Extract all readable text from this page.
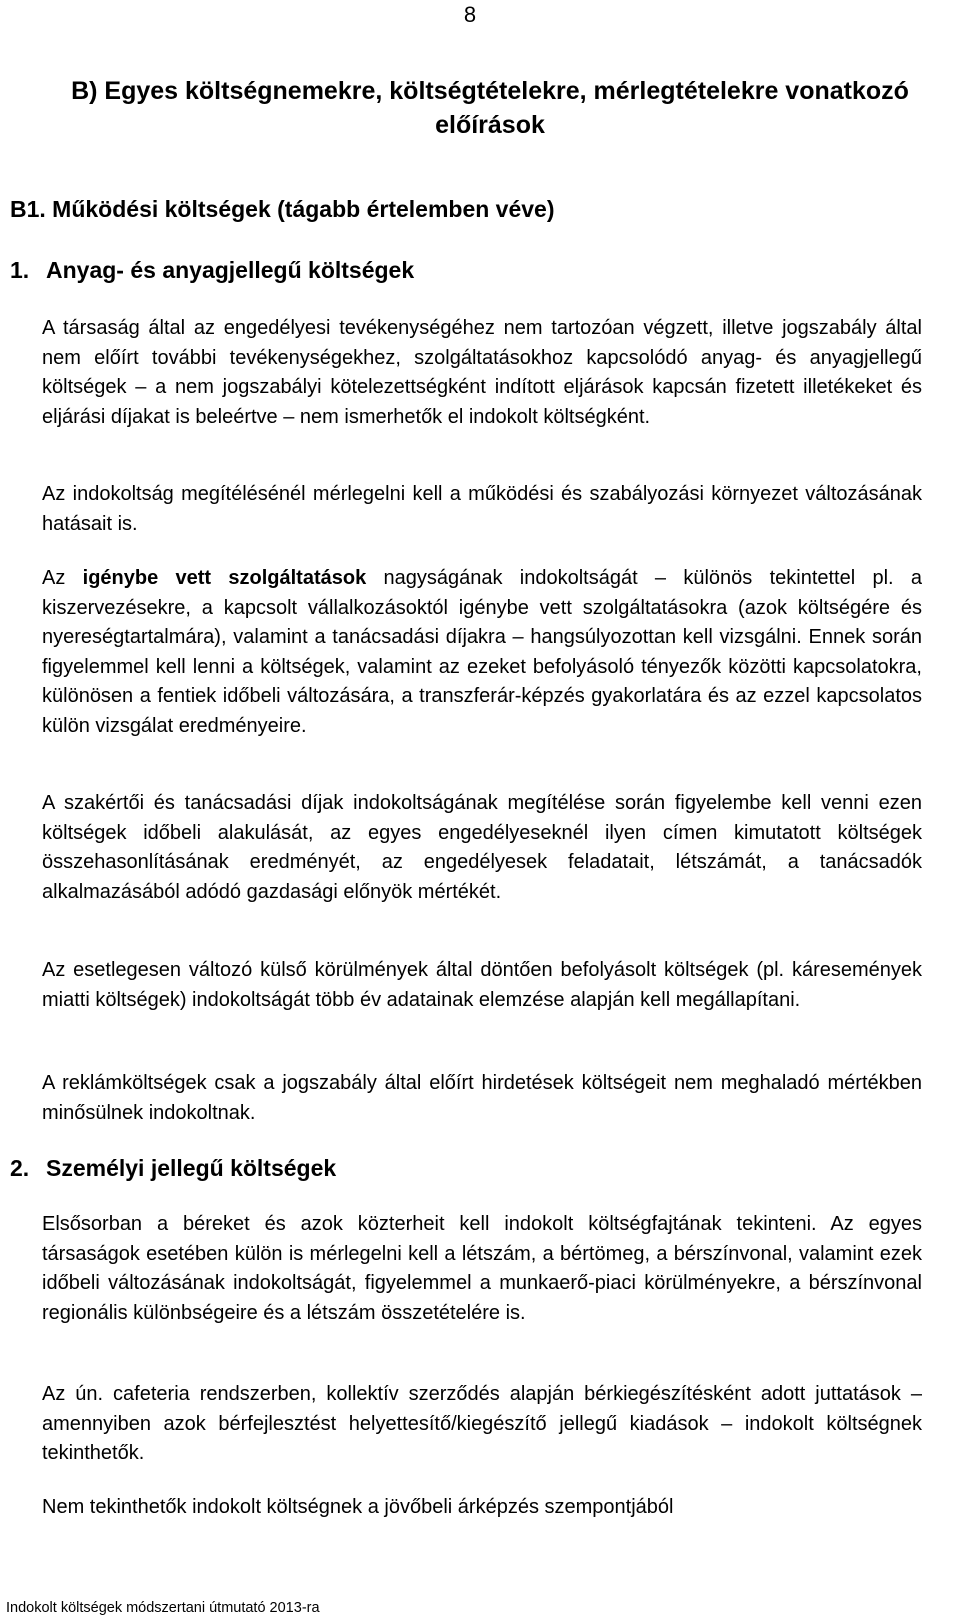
8
B) Egyes költségnemekre, költségtételekre, mérlegtételekre vonatkozó előírások
B1. Működési költségek (tágabb értelemben véve)
1. Anyag- és anyagjellegű költségek
A társaság által az engedélyesi tevékenységéhez nem tartozóan végzett, illetve jogszabály által nem előírt további tevékenységekhez, szolgáltatásokhoz kapcsolódó anyag- és anyagjellegű költségek – a nem jogszabályi kötelezettségként indított eljárások kapcsán fizetett illetékeket és eljárási díjakat is beleértve – nem ismerhetők el indokolt költségként.
Az indokoltság megítélésénél mérlegelni kell a működési és szabályozási környezet változásának hatásait is.
Az igénybe vett szolgáltatások nagyságának indokoltságát – különös tekintettel pl. a kiszervezésekre, a kapcsolt vállalkozásoktól igénybe vett szolgáltatásokra (azok költségére és nyereségtartalmára), valamint a tanácsadási díjakra – hangsúlyozottan kell vizsgálni. Ennek során figyelemmel kell lenni a költségek, valamint az ezeket befolyásoló tényezők közötti kapcsolatokra, különösen a fentiek időbeli változására, a transzferár-képzés gyakorlatára és az ezzel kapcsolatos külön vizsgálat eredményeire.
A szakértői és tanácsadási díjak indokoltságának megítélése során figyelembe kell venni ezen költségek időbeli alakulását, az egyes engedélyeseknél ilyen címen kimutatott költségek összehasonlításának eredményét, az engedélyesek feladatait, létszámát, a tanácsadók alkalmazásából adódó gazdasági előnyök mértékét.
Az esetlegesen változó külső körülmények által döntően befolyásolt költségek (pl. káresemények miatti költségek) indokoltságát több év adatainak elemzése alapján kell megállapítani.
A reklámköltségek csak a jogszabály által előírt hirdetések költségeit nem meghaladó mértékben minősülnek indokoltnak.
2. Személyi jellegű költségek
Elsősorban a béreket és azok közterheit kell indokolt költségfajtának tekinteni. Az egyes társaságok esetében külön is mérlegelni kell a létszám, a bértömeg, a bérszínvonal, valamint ezek időbeli változásának indokoltságát, figyelemmel a munkaerő-piaci körülményekre, a bérszínvonal regionális különbségeire és a létszám összetételére is.
Az ún. cafeteria rendszerben, kollektív szerződés alapján bérkiegészítésként adott juttatások – amennyiben azok bérfejlesztést helyettesítő/kiegészítő jellegű kiadások – indokolt költségnek tekinthetők.
Nem tekinthetők indokolt költségnek a jövőbeli árképzés szempontjából
Indokolt költségek módszertani útmutató 2013-ra
